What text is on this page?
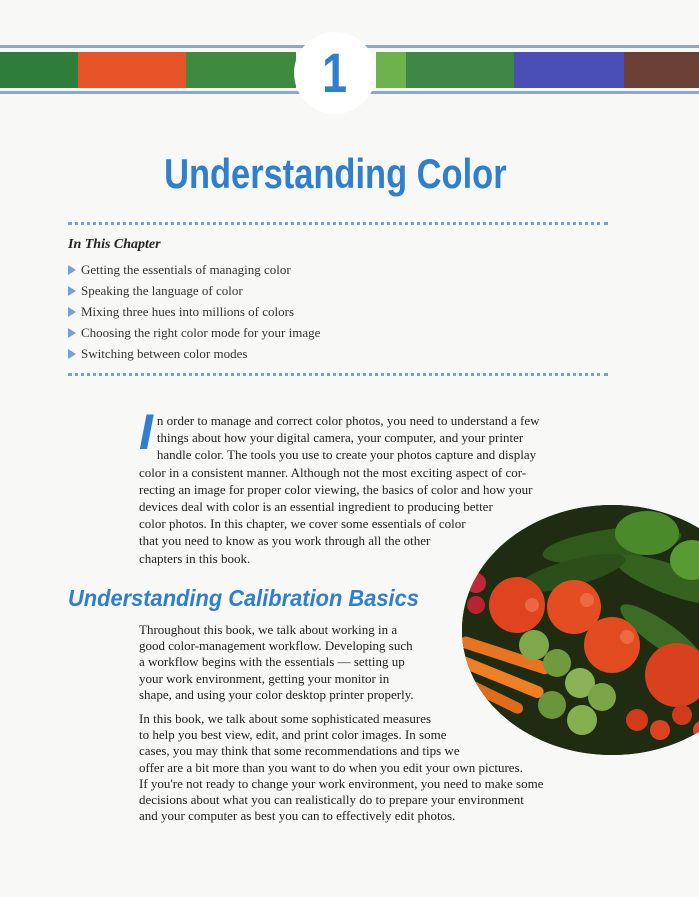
1
Understanding Color
In This Chapter
Getting the essentials of managing color
Speaking the language of color
Mixing three hues into millions of colors
Choosing the right color mode for your image
Switching between color modes
I n order to manage and correct color photos, you need to understand a few
things about how your digital camera, your computer, and your printer
handle color. The tools you use to create your photos capture and display
color in a consistent manner. Although not the most exciting aspect of cor-
recting an image for proper color viewing, the basics of color and how your
devices deal with color is an essential ingredient to producing better
color photos. In this chapter, we cover some essentials of color
that you need to know as you work through all the other
chapters in this book.

Understanding Calibration Basics

Throughout this book, we talk about working in a
good color-management workflow. Developing such
a workflow begins with the essentials — setting up
your work environment, getting your monitor in
shape, and using your color desktop printer properly.

In this book, we talk about some sophisticated measures
to help you best view, edit, and print color images. In some
cases, you may think that some recommendations and tips we
offer are a bit more than you want to do when you edit your own pictures.
If you're not ready to change your work environment, you need to make some
decisions about what you can realistically do to prepare your environment
and your computer as best you can to effectively edit photos.
